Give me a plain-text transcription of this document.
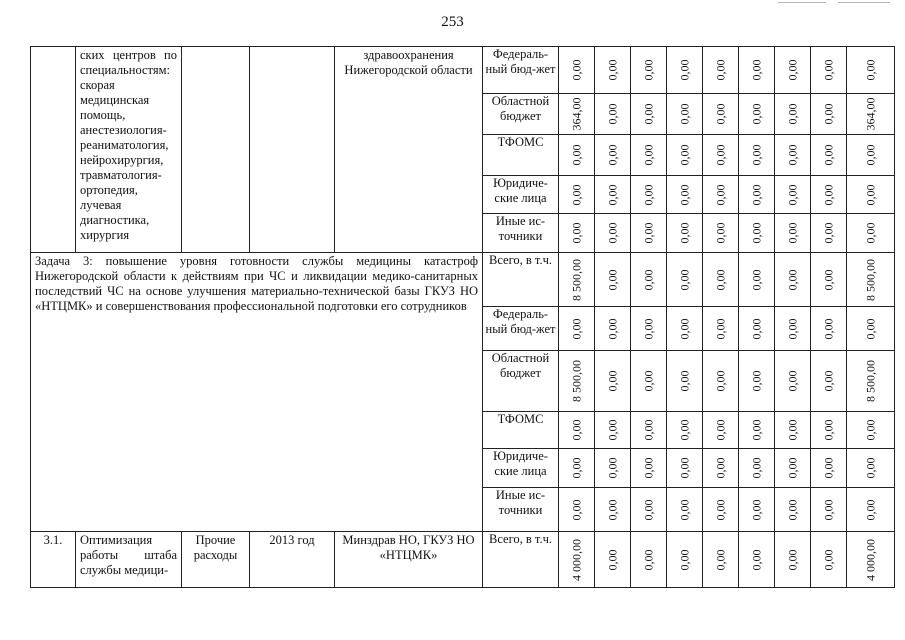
253

	ских центров по специальностям: скорая медицинская помощь, анестезиология-реаниматология, нейрохирургия, травматология-ортопедия, лучевая диагностика, хирургия			здравоохранения Нижегородской области	Федераль-ный бюд-жет	0,00	0,00	0,00	0,00	0,00	0,00	0,00	0,00	0,00

					Областной бюджет	364,00	0,00	0,00	0,00	0,00	0,00	0,00	0,00	364,00

					ТФОМС	0,00	0,00	0,00	0,00	0,00	0,00	0,00	0,00	0,00

					Юридиче-ские лица	0,00	0,00	0,00	0,00	0,00	0,00	0,00	0,00	0,00

					Иные ис-точники	0,00	0,00	0,00	0,00	0,00	0,00	0,00	0,00	0,00

Задача 3: повышение уровня готовности службы медицины катастроф Нижегородской области к действиям при ЧС и ликвидации медико-санитарных последствий ЧС на основе улучшения материально-технической базы ГКУЗ НО «НТЦМК» и совершенствования профессиональной подготовки его сотрудников					Всего, в т.ч.	8 500,00	0,00	0,00	0,00	0,00	0,00	0,00	0,00	8 500,00

					Федераль-ный бюд-жет	0,00	0,00	0,00	0,00	0,00	0,00	0,00	0,00	0,00

					Областной бюджет	8 500,00	0,00	0,00	0,00	0,00	0,00	0,00	0,00	8 500,00

					ТФОМС	0,00	0,00	0,00	0,00	0,00	0,00	0,00	0,00	0,00

					Юридиче-ские лица	0,00	0,00	0,00	0,00	0,00	0,00	0,00	0,00	0,00

					Иные ис-точники	0,00	0,00	0,00	0,00	0,00	0,00	0,00	0,00	0,00

3.1.	Оптимизация работы штаба службы медици-	Прочие расходы	2013 год	Минздрав НО, ГКУЗ НО «НТЦМК»	Всего, в т.ч.	4 000,00	0,00	0,00	0,00	0,00	0,00	0,00	0,00	4 000,00
